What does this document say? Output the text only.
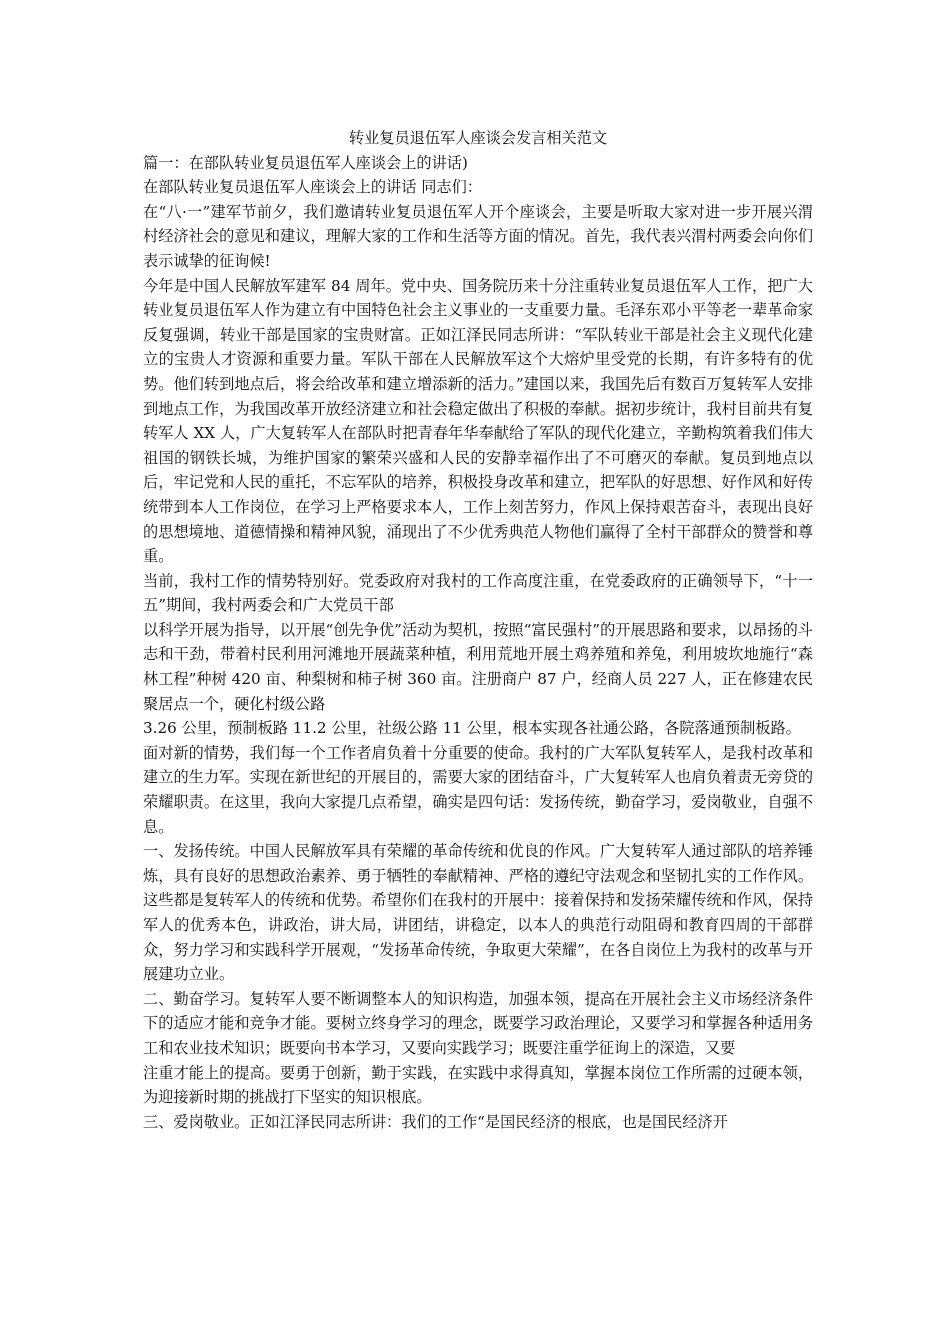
转业复员退伍军人座谈会发言相关范文

篇一：在部队转业复员退伍军人座谈会上的讲话)

在部队转业复员退伍军人座谈会上的讲话 同志们：

在“八·一”建军节前夕，我们邀请转业复员退伍军人开个座谈会，主要是听取大家对进一步开展兴渭村经济社会的意见和建议，理解大家的工作和生活等方面的情况。首先，我代表兴渭村两委会向你们表示诚挚的征询候!

今年是中国人民解放军建军 84 周年。党中央、国务院历来十分注重转业复员退伍军人工作，把广大转业复员退伍军人作为建立有中国特色社会主义事业的一支重要力量。毛泽东邓小平等老一辈革命家反复强调，转业干部是国家的宝贵财富。正如江泽民同志所讲：“军队转业干部是社会主义现代化建立的宝贵人才资源和重要力量。军队干部在人民解放军这个大熔炉里受党的长期，有许多特有的优势。他们转到地点后，将会给改革和建立增添新的活力。”建国以来，我国先后有数百万复转军人安排到地点工作，为我国改革开放经济建立和社会稳定做出了积极的奉献。据初步统计，我村目前共有复转军人 XX 人，广大复转军人在部队时把青春年华奉献给了军队的现代化建立，辛勤构筑着我们伟大祖国的钢铁长城，为维护国家的繁荣兴盛和人民的安静幸福作出了不可磨灭的奉献。复员到地点以后，牢记党和人民的重托，不忘军队的培养，积极投身改革和建立，把军队的好思想、好作风和好传统带到本人工作岗位，在学习上严格要求本人，工作上刻苦努力，作风上保持艰苦奋斗，表现出良好的思想境地、道德情操和精神风貌，涌现出了不少优秀典范人物他们赢得了全村干部群众的赞誉和尊重。

当前，我村工作的情势特别好。党委政府对我村的工作高度注重，在党委政府的正确领导下，“十一五”期间，我村两委会和广大党员干部

以科学开展为指导，以开展“创先争优”活动为契机，按照“富民强村”的开展思路和要求，以昂扬的斗志和干劲，带着村民利用河滩地开展蔬菜种植，利用荒地开展土鸡养殖和养兔，利用坡坎地施行“森林工程”种树 420 亩、种梨树和柿子树 360 亩。注册商户 87 户，经商人员 227 人，正在修建农民聚居点一个，硬化村级公路

3.26 公里，预制板路 11.2 公里，社级公路 11 公里，根本实现各社通公路，各院落通预制板路。

面对新的情势，我们每一个工作者肩负着十分重要的使命。我村的广大军队复转军人，是我村改革和建立的生力军。实现在新世纪的开展目的，需要大家的团结奋斗，广大复转军人也肩负着责无旁贷的荣耀职责。在这里，我向大家提几点希望，确实是四句话：发扬传统，勤奋学习，爱岗敬业，自强不息。

一、发扬传统。中国人民解放军具有荣耀的革命传统和优良的作风。广大复转军人通过部队的培养锤炼，具有良好的思想政治素养、勇于牺牲的奉献精神、严格的遵纪守法观念和坚韧扎实的工作作风。这些都是复转军人的传统和优势。希望你们在我村的开展中：接着保持和发扬荣耀传统和作风，保持军人的优秀本色，讲政治，讲大局，讲团结，讲稳定，以本人的典范行动阻碍和教育四周的干部群众，努力学习和实践科学开展观，“发扬革命传统，争取更大荣耀”，在各自岗位上为我村的改革与开展建功立业。

二、勤奋学习。复转军人要不断调整本人的知识构造，加强本领，提高在开展社会主义市场经济条件下的适应才能和竞争才能。要树立终身学习的理念，既要学习政治理论，又要学习和掌握各种适用务工和农业技术知识；既要向书本学习，又要向实践学习；既要注重学征询上的深造，又要

注重才能上的提高。要勇于创新，勤于实践，在实践中求得真知，掌握本岗位工作所需的过硬本领，为迎接新时期的挑战打下坚实的知识根底。

三、爱岗敬业。正如江泽民同志所讲：我们的工作“是国民经济的根底，也是国民经济开
